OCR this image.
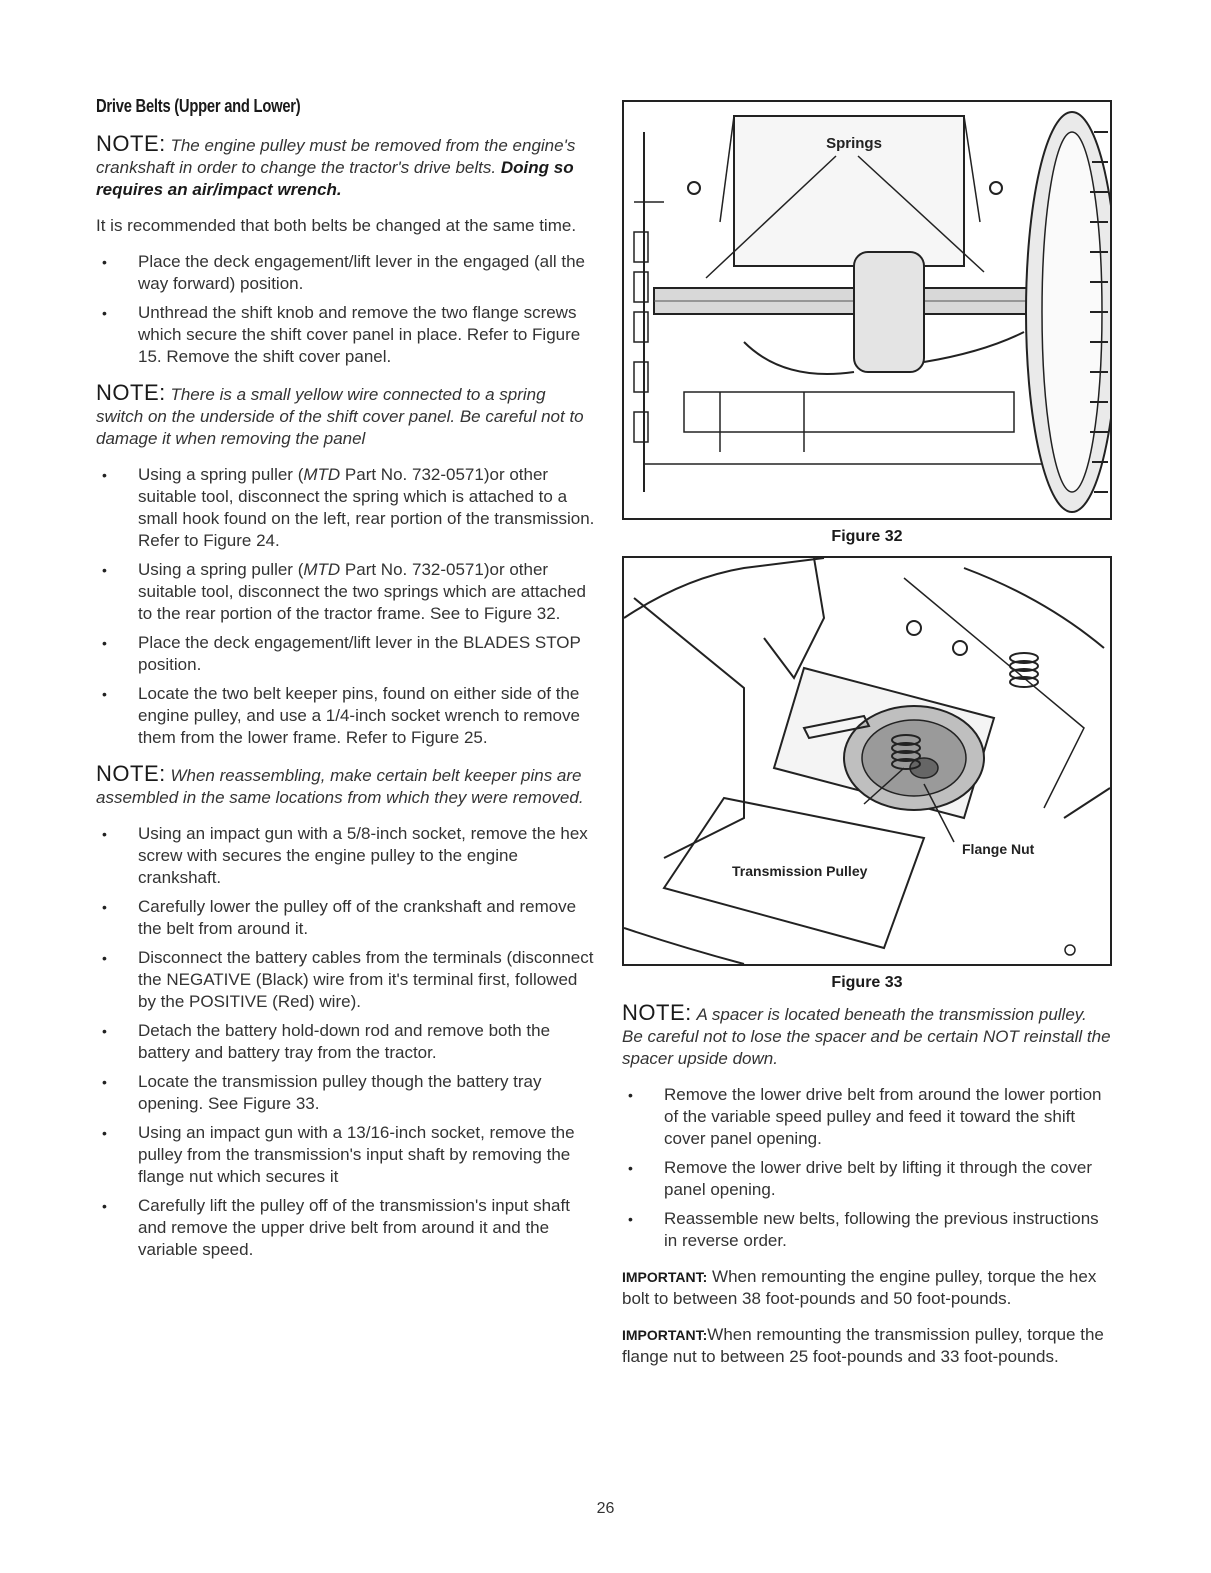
Drive Belts (Upper and Lower)

NOTE: The engine pulley must be removed from the engine's crankshaft in order to change the tractor's drive belts. Doing so requires an air/impact wrench.

It is recommended that both belts be changed at the same time.

• Place the deck engagement/lift lever in the engaged (all the way forward) position.
• Unthread the shift knob and remove the two flange screws which secure the shift cover panel in place. Refer to Figure 15. Remove the shift cover panel.

NOTE: There is a small yellow wire connected to a spring switch on the underside of the shift cover panel. Be careful not to damage it when removing the panel

• Using a spring puller (MTD Part No. 732-0571)or other suitable tool, disconnect the spring which is attached to a small hook found on the left, rear portion of the transmission. Refer to Figure 24.
• Using a spring puller (MTD Part No. 732-0571)or other suitable tool, disconnect the two springs which are attached to the rear portion of the tractor frame. See to Figure 32.
• Place the deck engagement/lift lever in the BLADES STOP position.
• Locate the two belt keeper pins, found on either side of the engine pulley, and use a 1/4-inch socket wrench to remove them from the lower frame. Refer to Figure 25.

NOTE: When reassembling, make certain belt keeper pins are assembled in the same locations from which they were removed.

• Using an impact gun with a 5/8-inch socket, remove the hex screw with secures the engine pulley to the engine crankshaft.
• Carefully lower the pulley off of the crankshaft and remove the belt from around it.
• Disconnect the battery cables from the terminals (disconnect the NEGATIVE (Black) wire from it's terminal first, followed by the POSITIVE (Red) wire).
• Detach the battery hold-down rod and remove both the battery and battery tray from the tractor.
• Locate the transmission pulley though the battery tray opening. See Figure 33.
• Using an impact gun with a 13/16-inch socket, remove the pulley from the transmission's input shaft by removing the flange nut which secures it
• Carefully lift the pulley off of the transmission's input shaft and remove the upper drive belt from around it and the variable speed.
Springs
Figure 32
Flange Nut
Transmission Pulley
Figure 33

NOTE: A spacer is located beneath the transmission pulley. Be careful not to lose the spacer and be certain NOT reinstall the spacer upside down.

• Remove the lower drive belt from around the lower portion of the variable speed pulley and feed it toward the shift cover panel opening.
• Remove the lower drive belt by lifting it through the cover panel opening.
• Reassemble new belts, following the previous instructions in reverse order.

IMPORTANT: When remounting the engine pulley, torque the hex bolt to between 38 foot-pounds and 50 foot-pounds.

IMPORTANT:When remounting the transmission pulley, torque the flange nut to between 25 foot-pounds and 33 foot-pounds.

26
